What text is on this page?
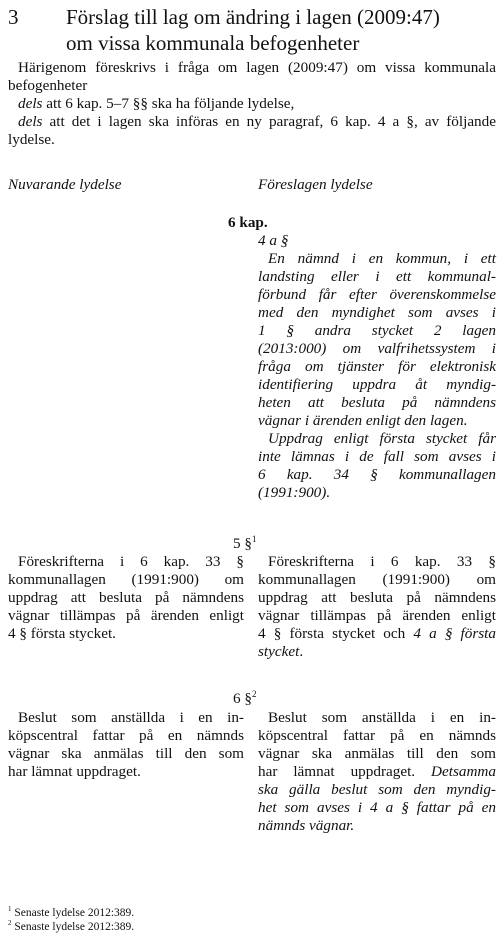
3 Förslag till lag om ändring i lagen (2009:47)
om vissa kommunala befogenheter
Härigenom föreskrivs i fråga om lagen (2009:47) om vissa kommunala
befogenheter
dels att 6 kap. 5–7 §§ ska ha följande lydelse,
dels att det i lagen ska införas en ny paragraf, 6 kap. 4 a §, av följande
lydelse.
Nuvarande lydelse	Föreslagen lydelse
6 kap.
4 a §
En nämnd i en kommun, i ett
landsting eller i ett kommunal-
förbund får efter överenskommelse
med den myndighet som avses i
1 § andra stycket 2 lagen
(2013:000) om valfrihetssystem i
fråga om tjänster för elektronisk
identifiering uppdra åt myndig-
heten att besluta på nämndens
vägnar i ärenden enligt den lagen.
Uppdrag enligt första stycket får
inte lämnas i de fall som avses i
6 kap. 34 § kommunallagen
(1991:900).
5 §$^1$
Föreskrifterna i 6 kap. 33 §
kommunallagen (1991:900) om
uppdrag att besluta på nämndens
vägnar tillämpas på ärenden enligt
4 § första stycket.
Föreskrifterna i 6 kap. 33 §
kommunallagen (1991:900) om
uppdrag att besluta på nämndens
vägnar tillämpas på ärenden enligt
4 § första stycket och 4 a § första
stycket.
6 §$^2$
Beslut som anställda i en in-
köpscentral fattar på en nämnds
vägnar ska anmälas till den som
har lämnat uppdraget.
Beslut som anställda i en in-
köpscentral fattar på en nämnds
vägnar ska anmälas till den som
har lämnat uppdraget. Detsamma
ska gälla beslut som den myndig-
het som avses i 4 a § fattar på en
nämnds vägnar.
$^1$ Senaste lydelse 2012:389.
$^2$ Senaste lydelse 2012:389.
